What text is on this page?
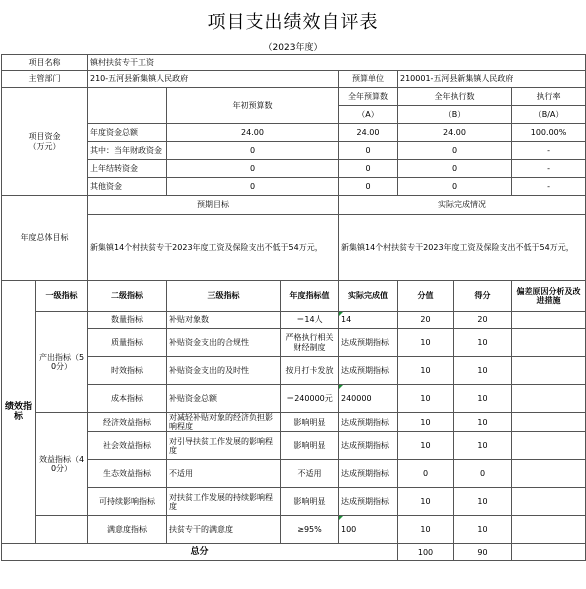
项目支出绩效自评表
（2023年度）
项目名称		镇村扶贫专干工资						
主管部门		210-五河县新集镇人民政府			预算单位	210001-五河县新集镇人民政府		
项目资金
（万元）			年初预算数		全年预算数	全年执行数		执行率
					（A）	（B）		（B/A）
		年度资金总额	24.00		24.00	24.00		100.00%
		其中：当年财政资金	0		0	0		-
		上年结转资金	0		0	0		-
		其他资金	0		0	0		-
年度总体目标		预期目标			实际完成情况			
		新集镇14个村扶贫专干2023年度工资及保险支出不低于54万元，			新集镇14个村扶贫专干2023年度工资及保险支出不低于54万元，			
绩效指标	一级指标	二级指标	三级指标	年度指标值	实际完成值	分值	得分	偏差原因分析及改进措施
	产出指标（50分）	数量指标	补贴对象数	＝14人	14	20	20	
		质量指标	补贴资金支出的合规性	严格执行相关财经制度	达成预期指标	10	10	
		时效指标	补贴资金支出的及时性	按月打卡发放	达成预期指标	10	10	
		成本指标	补贴资金总额	＝240000元	240000	10	10	
	效益指标（40分）	经济效益指标	对减轻补贴对象的经济负担影响程度	影响明显	达成预期指标	10	10	
		社会效益指标	对引导扶贫工作发展的影响程度	影响明显	达成预期指标	10	10	
		生态效益指标	不适用	不适用	达成预期指标	0	0	
		可持续影响指标	对扶贫工作发展的持续影响程度	影响明显	达成预期指标	10	10	
		满意度指标	扶贫专干的满意度	≥95%	100	10	10	
总分						100	90	
